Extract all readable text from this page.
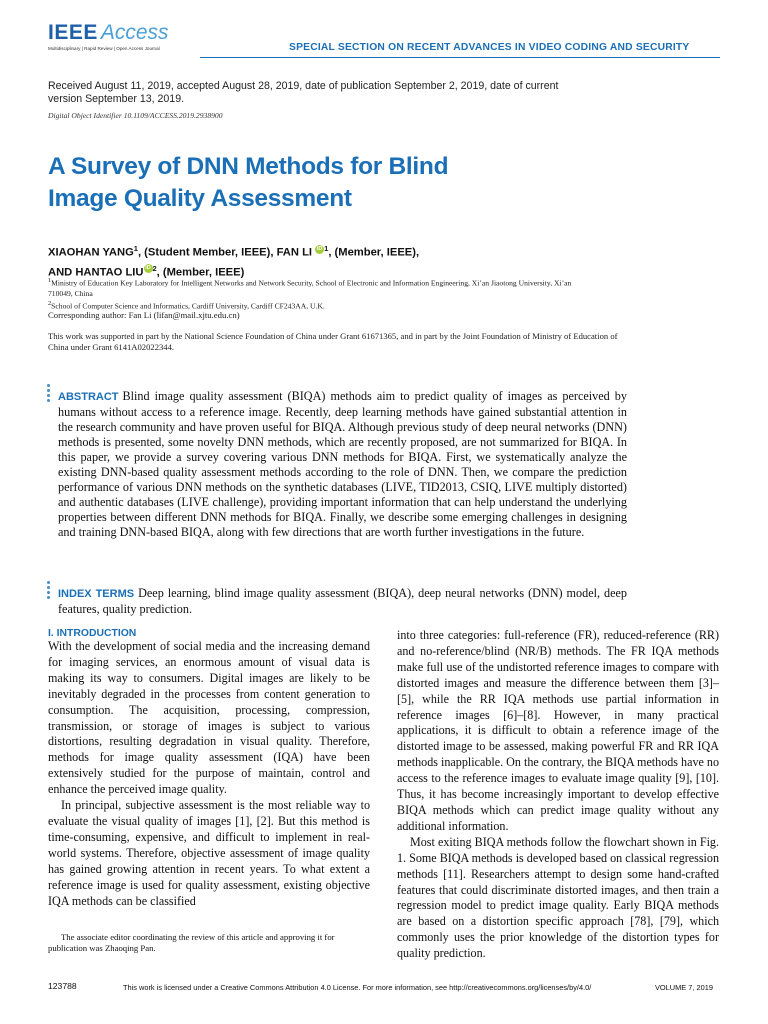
IEEE Access
Multidisciplinary | Rapid Review | Open Access Journal	SPECIAL SECTION ON RECENT ADVANCES IN VIDEO CODING AND SECURITY
Received August 11, 2019, accepted August 28, 2019, date of publication September 2, 2019, date of current version September 13, 2019.
Digital Object Identifier 10.1109/ACCESS.2019.2938900
A Survey of DNN Methods for Blind
Image Quality Assessment
XIAOHAN YANG$^1$, (Student Member, IEEE), FAN LI iD $^1$, (Member, IEEE),
AND HANTAO LIU iD $^2$, (Member, IEEE)
$^1$Ministry of Education Key Laboratory for Intelligent Networks and Network Security, School of Electronic and Information Engineering, Xi’an Jiaotong University, Xi’an 710049, China
$^2$School of Computer Science and Informatics, Cardiff University, Cardiff CF243AA, U.K.
Corresponding author: Fan Li (lifan@mail.xjtu.edu.cn)
This work was supported in part by the National Science Foundation of China under Grant 61671365, and in part by the Joint Foundation of Ministry of Education of China under Grant 6141A02022344.
ABSTRACT Blind image quality assessment (BIQA) methods aim to predict quality of images as perceived by humans without access to a reference image. Recently, deep learning methods have gained substantial attention in the research community and have proven useful for BIQA. Although previous study of deep neural networks (DNN) methods is presented, some novelty DNN methods, which are recently proposed, are not summarized for BIQA. In this paper, we provide a survey covering various DNN methods for BIQA. First, we systematically analyze the existing DNN-based quality assessment methods according to the role of DNN. Then, we compare the prediction performance of various DNN methods on the synthetic databases (LIVE, TID2013, CSIQ, LIVE multiply distorted) and authentic databases (LIVE challenge), providing important information that can help understand the underlying properties between different DNN methods for BIQA. Finally, we describe some emerging challenges in designing and training DNN-based BIQA, along with few directions that are worth further investigations in the future.
INDEX TERMS Deep learning, blind image quality assessment (BIQA), deep neural networks (DNN) model, deep features, quality prediction.
I. INTRODUCTION

With the development of social media and the increasing demand for imaging services, an enormous amount of visual data is making its way to consumers. Digital images are likely to be inevitably degraded in the processes from content generation to consumption. The acquisition, processing, compression, transmission, or storage of images is subject to various distortions, resulting degradation in visual quality. Therefore, methods for image quality assessment (IQA) have been extensively studied for the purpose of maintain, control and enhance the perceived image quality.

In principal, subjective assessment is the most reliable way to evaluate the visual quality of images [1], [2]. But this method is time-consuming, expensive, and difficult to implement in real-world systems. Therefore, objective assessment of image quality has gained growing attention in recent years. To what extent a reference image is used for quality assessment, existing objective IQA methods can be classified

The associate editor coordinating the review of this article and approving it for publication was Zhaoqing Pan.

into three categories: full-reference (FR), reduced-reference (RR) and no-reference/blind (NR/B) methods. The FR IQA methods make full use of the undistorted reference images to compare with distorted images and measure the difference between them [3]–[5], while the RR IQA methods use partial information in reference images [6]–[8]. However, in many practical applications, it is difficult to obtain a reference image of the distorted image to be assessed, making powerful FR and RR IQA methods inapplicable. On the contrary, the BIQA methods have no access to the reference images to evaluate image quality [9], [10]. Thus, it has become increasingly important to develop effective BIQA methods which can predict image quality without any additional information.

Most exiting BIQA methods follow the flowchart shown in Fig. 1. Some BIQA methods is developed based on classical regression methods [11]. Researchers attempt to design some hand-crafted features that could discriminate distorted images, and then train a regression model to predict image quality. Early BIQA methods are based on a distortion specific approach [78], [79], which commonly uses the prior knowledge of the distortion types for quality prediction.

123788	This work is licensed under a Creative Commons Attribution 4.0 License. For more information, see http://creativecommons.org/licenses/by/4.0/	VOLUME 7, 2019
